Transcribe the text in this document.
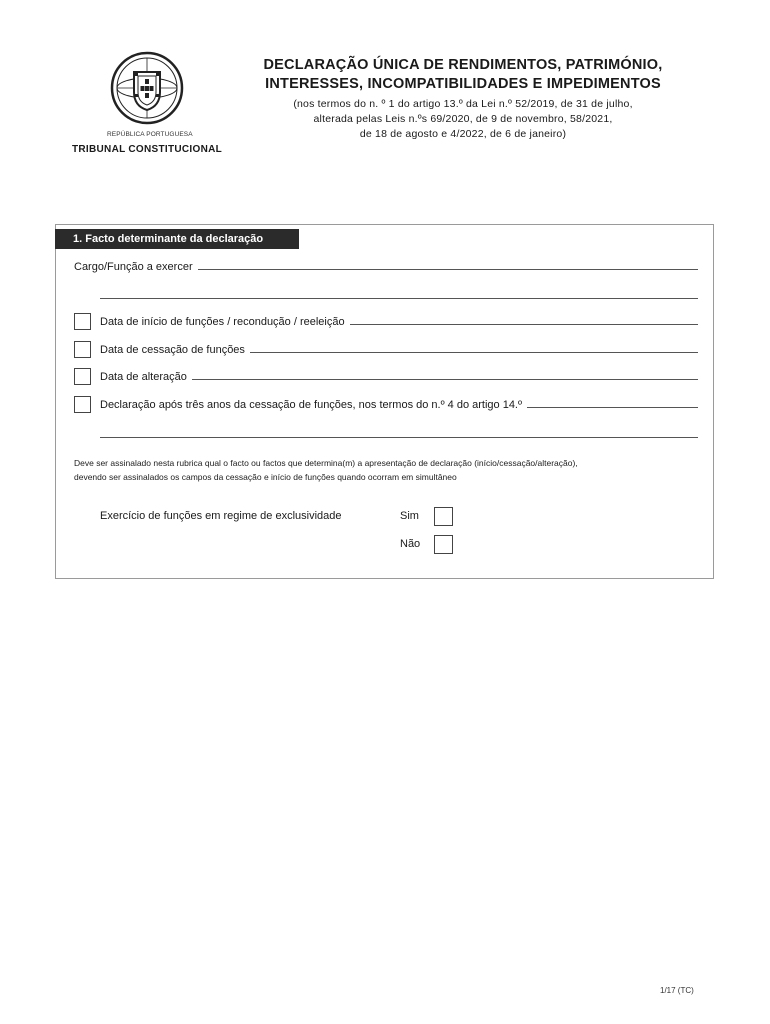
REPÚBLICA PORTUGUESA
TRIBUNAL CONSTITUCIONAL
DECLARAÇÃO ÚNICA DE RENDIMENTOS, PATRIMÓNIO,
INTERESSES, INCOMPATIBILIDADES E IMPEDIMENTOS
(nos termos do n. º 1 do artigo 13.º da Lei n.º 52/2019, de 31 de julho,
alterada pelas Leis n.ºs 69/2020, de 9 de novembro, 58/2021,
de 18 de agosto e 4/2022, de 6 de janeiro)
1. Facto determinante da declaração
Cargo/Função a exercer
Data de início de funções / recondução / reeleição
Data de cessação de funções
Data de alteração
Declaração após três anos da cessação de funções, nos termos do n.º 4 do artigo 14.º
Deve ser assinalado nesta rubrica qual o facto ou factos que determina(m) a apresentação de declaração (início/cessação/alteração),
devendo ser assinalados os campos da cessação e início de funções quando ocorram em simultâneo
Exercício de funções em regime de exclusividade	Sim
Não
1/17 (TC)
